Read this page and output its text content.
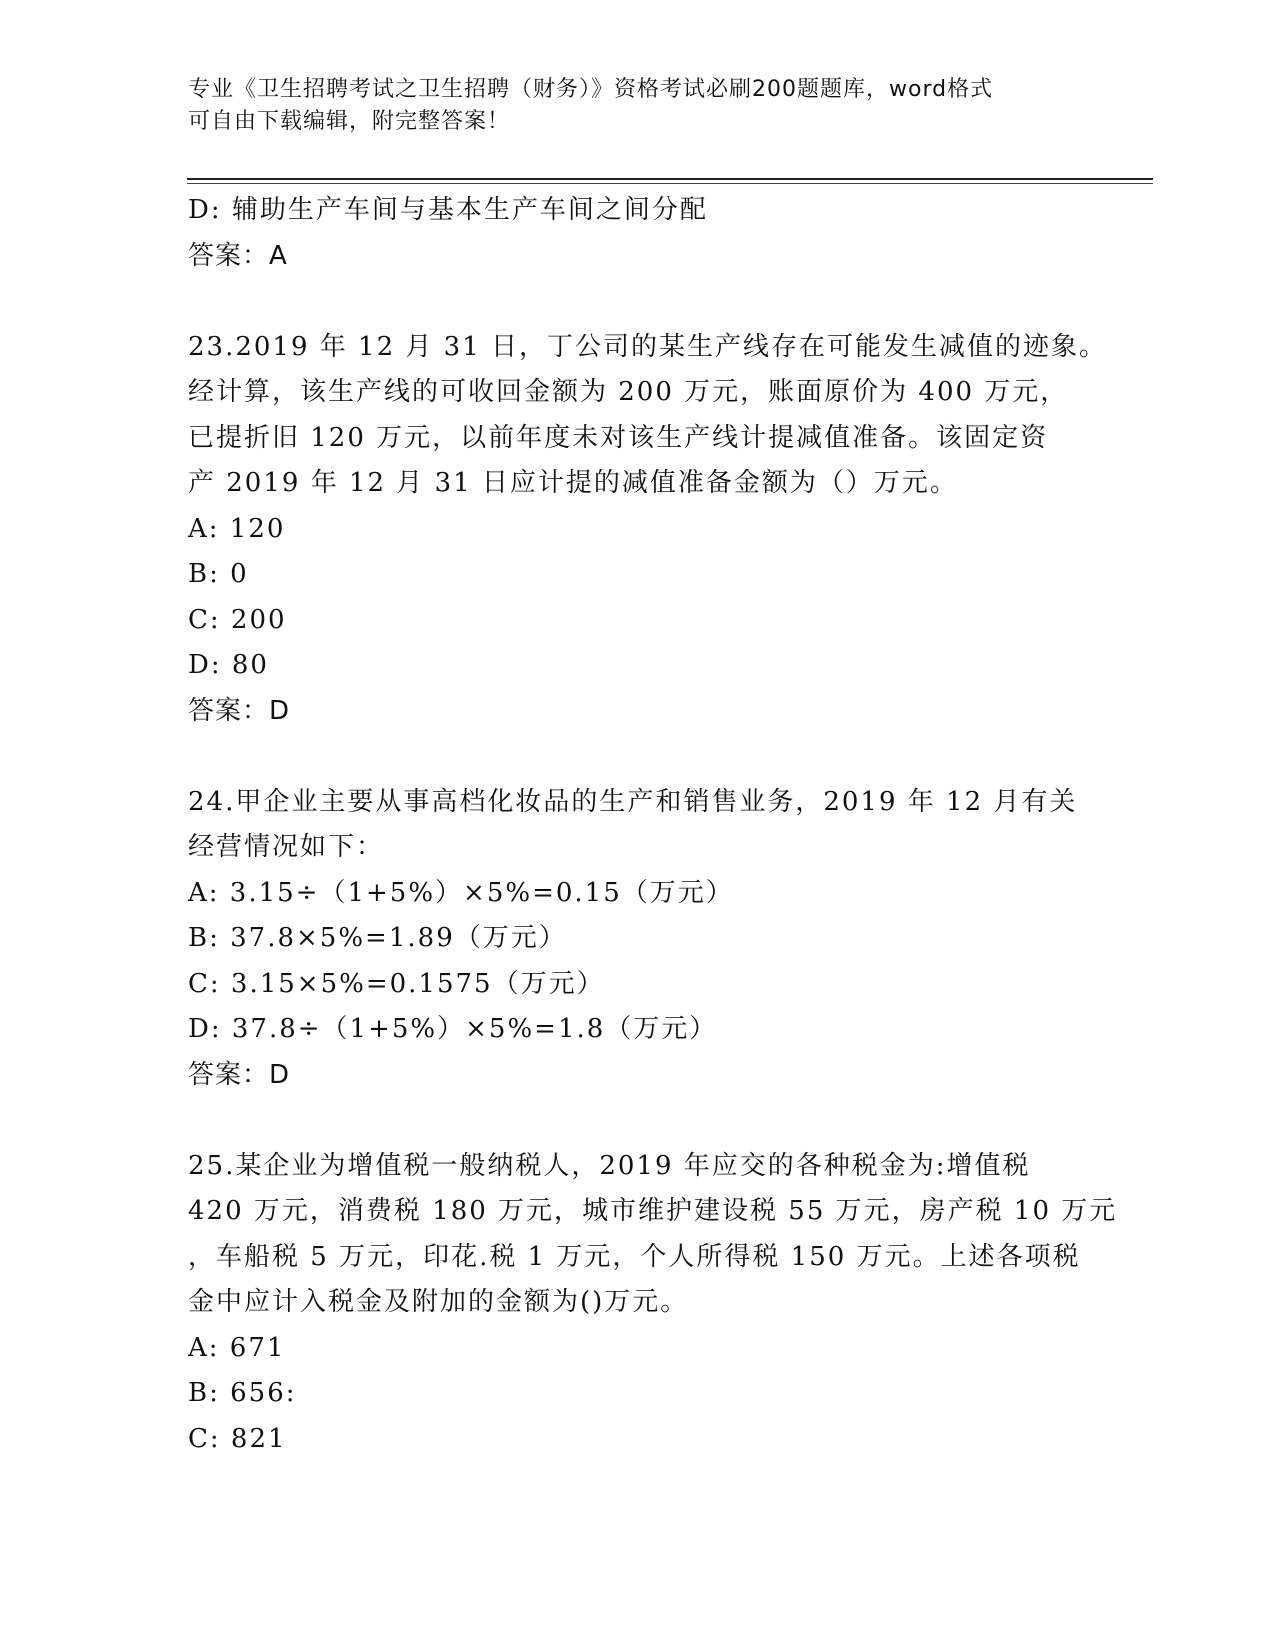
专业《卫生招聘考试之卫生招聘（财务）》资格考试必刷200题题库，word格式
可自由下载编辑，附完整答案！
D: 辅助生产车间与基本生产车间之间分配
答案：A
23.2019 年 12 月 31 日，丁公司的某生产线存在可能发生减值的迹象。
经计算，该生产线的可收回金额为 200 万元，账面原价为 400 万元，
已提折旧 120 万元，以前年度未对该生产线计提减值准备。该固定资
产 2019 年 12 月 31 日应计提的减值准备金额为（）万元。
A: 120
B: 0
C: 200
D: 80
答案：D
24.甲企业主要从事高档化妆品的生产和销售业务，2019 年 12 月有关
经营情况如下：
A: 3.15÷（1+5%）×5%=0.15（万元）
B: 37.8×5%=1.89（万元）
C: 3.15×5%=0.1575（万元）
D: 37.8÷（1+5%）×5%=1.8（万元）
答案：D
25.某企业为增值税一般纳税人，2019 年应交的各种税金为:增值税
420 万元，消费税 180 万元，城市维护建设税 55 万元，房产税 10 万元
，车船税 5 万元，印花.税 1 万元，个人所得税 150 万元。上述各项税
金中应计入税金及附加的金额为()万元。
A: 671
B: 656:
C: 821
